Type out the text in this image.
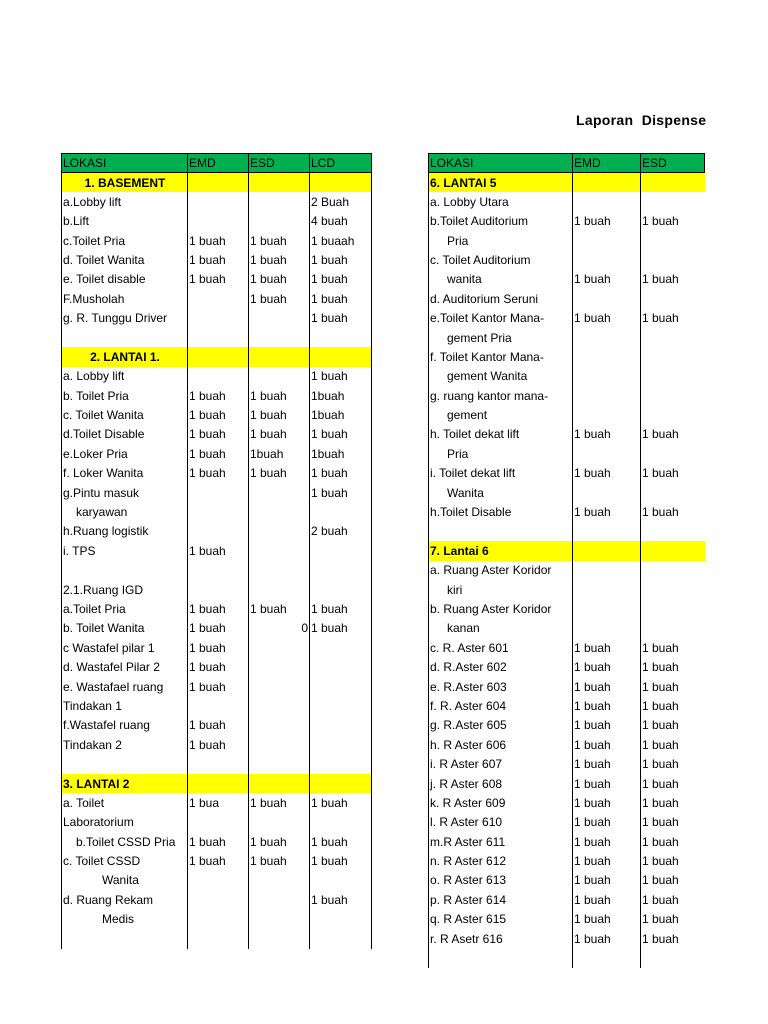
Laporan  Dispense
LOKASI	EMD	ESD	LCD
1. BASEMENT			
a.Lobby lift			2 Buah
b.Lift			4 buah
c.Toilet Pria	1 buah	1 buah	1 buaah
d. Toilet Wanita	1 buah	1 buah	1 buah
e. Toilet disable	1 buah	1 buah	1 buah
F.Musholah		1 buah	1 buah
g. R. Tunggu Driver			1 buah

2. LANTAI 1.			
a. Lobby lift			1 buah
b. Toilet Pria	1 buah	1 buah	1buah
c. Toilet Wanita	1 buah	1 buah	1buah
d.Toilet Disable	1 buah	1 buah	1 buah
e.Loker Pria	1 buah	1buah	1buah
f. Loker Wanita	1 buah	1 buah	1 buah
g.Pintu masuk			1 buah
karyawan			
h.Ruang logistik			2 buah
i. TPS	1 buah		

2.1.Ruang IGD			
a.Toilet Pria	1 buah	1 buah	1 buah
b. Toilet Wanita	1 buah	0	1 buah
c Wastafel pilar 1	1 buah		
d. Wastafel Pilar 2	1 buah		
e. Wastafael ruang	1 buah		
Tindakan 1			
f.Wastafel ruang	1 buah		
Tindakan 2	1 buah		

3. LANTAI 2			
a. Toilet	1 bua	1 buah	1 buah
Laboratorium			
b.Toilet CSSD Pria	1 buah	1 buah	1 buah
c. Toilet CSSD	1 buah	1 buah	1 buah
Wanita			
d. Ruang Rekam			1 buah
Medis			

LOKASI	EMD	ESD
6. LANTAI 5		
a. Lobby Utara		
b.Toilet Auditorium	1 buah	1 buah
Pria		
c. Toilet Auditorium		
wanita	1 buah	1 buah
d. Auditorium Seruni		
e.Toilet Kantor Mana-	1 buah	1 buah
gement Pria		
f. Toilet Kantor Mana-		
gement Wanita		
g. ruang kantor mana-		
gement		
h. Toilet dekat lift	1 buah	1 buah
Pria		
i. Toilet dekat lift	1 buah	1 buah
Wanita		
h.Toilet Disable	1 buah	1 buah

7. Lantai 6		
a. Ruang Aster Koridor		
kiri		
b. Ruang Aster Koridor		
kanan		
c. R. Aster 601	1 buah	1 buah
d. R.Aster 602	1 buah	1 buah
e. R.Aster 603	1 buah	1 buah
f. R. Aster 604	1 buah	1 buah
g. R.Aster 605	1 buah	1 buah
h. R Aster 606	1 buah	1 buah
i. R Aster 607	1 buah	1 buah
j. R Aster 608	1 buah	1 buah
k. R Aster 609	1 buah	1 buah
l. R Aster 610	1 buah	1 buah
m.R Aster 611	1 buah	1 buah
n. R Aster 612	1 buah	1 buah
o. R Aster 613	1 buah	1 buah
p. R Aster 614	1 buah	1 buah
q. R Aster 615	1 buah	1 buah
r. R Asetr 616	1 buah	1 buah
